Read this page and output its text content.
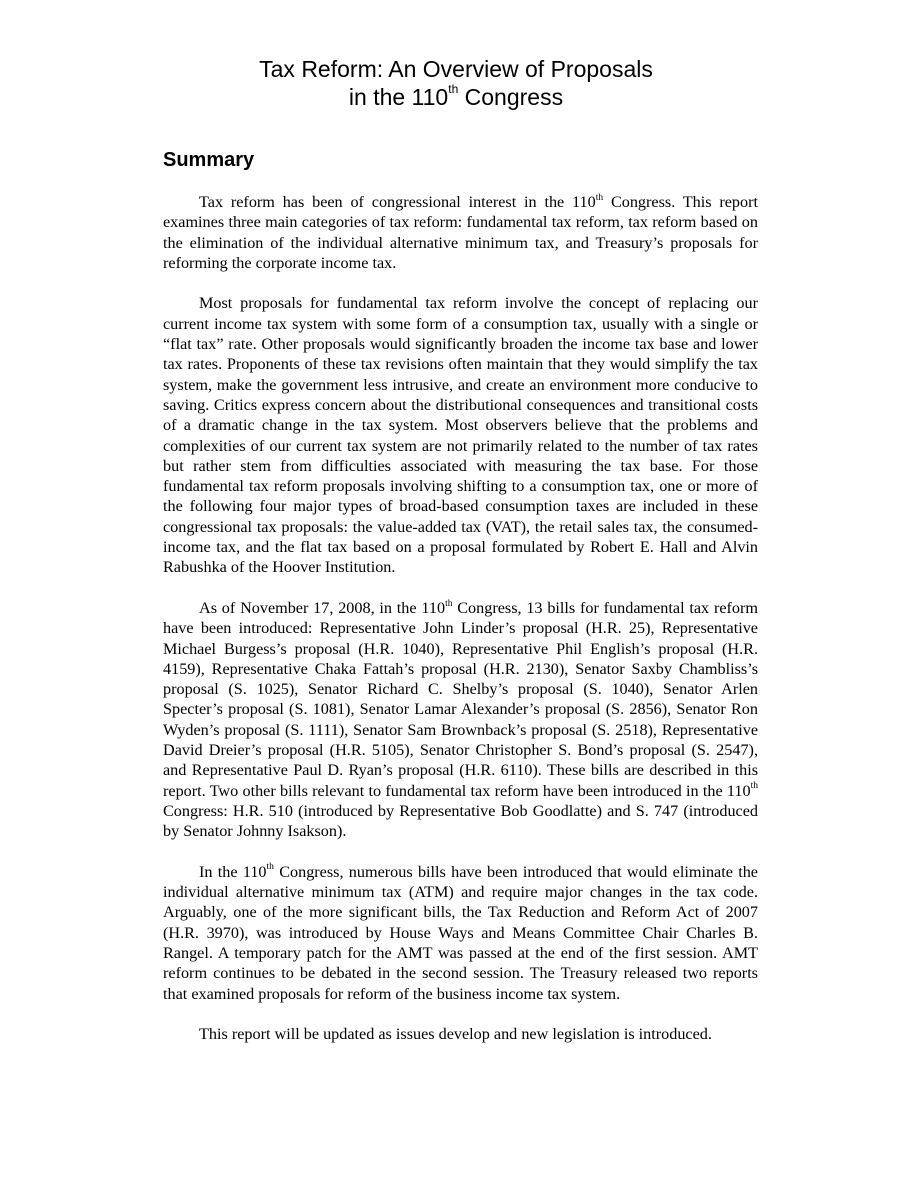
Tax Reform: An Overview of Proposals
in the 110th Congress
Summary

Tax reform has been of congressional interest in the 110th Congress. This report examines three main categories of tax reform: fundamental tax reform, tax reform based on the elimination of the individual alternative minimum tax, and Treasury’s proposals for reforming the corporate income tax.

Most proposals for fundamental tax reform involve the concept of replacing our current income tax system with some form of a consumption tax, usually with a single or “flat tax” rate. Other proposals would significantly broaden the income tax base and lower tax rates. Proponents of these tax revisions often maintain that they would simplify the tax system, make the government less intrusive, and create an environment more conducive to saving. Critics express concern about the distributional consequences and transitional costs of a dramatic change in the tax system. Most observers believe that the problems and complexities of our current tax system are not primarily related to the number of tax rates but rather stem from difficulties associated with measuring the tax base. For those fundamental tax reform proposals involving shifting to a consumption tax, one or more of the following four major types of broad-based consumption taxes are included in these congressional tax proposals: the value-added tax (VAT), the retail sales tax, the consumed-income tax, and the flat tax based on a proposal formulated by Robert E. Hall and Alvin Rabushka of the Hoover Institution.

As of November 17, 2008, in the 110th Congress, 13 bills for fundamental tax reform have been introduced: Representative John Linder’s proposal (H.R. 25), Representative Michael Burgess’s proposal (H.R. 1040), Representative Phil English’s proposal (H.R. 4159), Representative Chaka Fattah’s proposal (H.R. 2130), Senator Saxby Chambliss’s proposal (S. 1025), Senator Richard C. Shelby’s proposal (S. 1040), Senator Arlen Specter’s proposal (S. 1081), Senator Lamar Alexander’s proposal (S. 2856), Senator Ron Wyden’s proposal (S. 1111), Senator Sam Brownback’s proposal (S. 2518), Representative David Dreier’s proposal (H.R. 5105), Senator Christopher S. Bond’s proposal (S. 2547), and Representative Paul D. Ryan’s proposal (H.R. 6110). These bills are described in this report. Two other bills relevant to fundamental tax reform have been introduced in the 110th Congress: H.R. 510 (introduced by Representative Bob Goodlatte) and S. 747 (introduced by Senator Johnny Isakson).

In the 110th Congress, numerous bills have been introduced that would eliminate the individual alternative minimum tax (ATM) and require major changes in the tax code. Arguably, one of the more significant bills, the Tax Reduction and Reform Act of 2007 (H.R. 3970), was introduced by House Ways and Means Committee Chair Charles B. Rangel. A temporary patch for the AMT was passed at the end of the first session. AMT reform continues to be debated in the second session. The Treasury released two reports that examined proposals for reform of the business income tax system.

This report will be updated as issues develop and new legislation is introduced.
